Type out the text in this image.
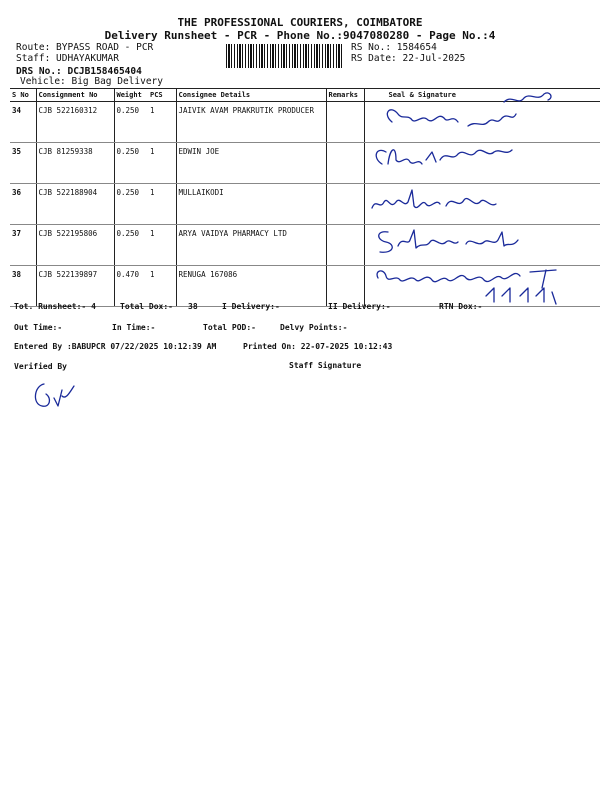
THE PROFESSIONAL COURIERS, COIMBATORE
Delivery Runsheet - PCR - Phone No.:9047080280 - Page No.:4
Route: BYPASS ROAD - PCR
Staff: UDHAYAKUMAR
DRS No.: DCJB158465404
Vehicle: Big Bag Delivery
RS No.: 1584654
RS Date: 22-Jul-2025
S No	Consignment No	Weight	PCS	Consignee Details	Remarks	Seal & Signature
34	CJB 522160312	0.250	1	JAIVIK AVAM PRAKRUTIK PRODUCER		
35	CJB 81259338	0.250	1	EDWIN JOE		
36	CJB 522188904	0.250	1	MULLAIKODI		
37	CJB 522195806	0.250	1	ARYA VAIDYA PHARMACY LTD		
38	CJB 522139897	0.470	1	RENUGA 167086		
Tot. Runsheet:- 4	Total Dox:- 38	I Delivery:-	II Delivery:-	RTN Dox:-
Out Time:-	In Time:-	Total POD:-	Delvy Points:-
Entered By :BABUPCR 07/22/2025 10:12:39 AM	Printed On: 22-07-2025 10:12:43
Verified By	Staff Signature
